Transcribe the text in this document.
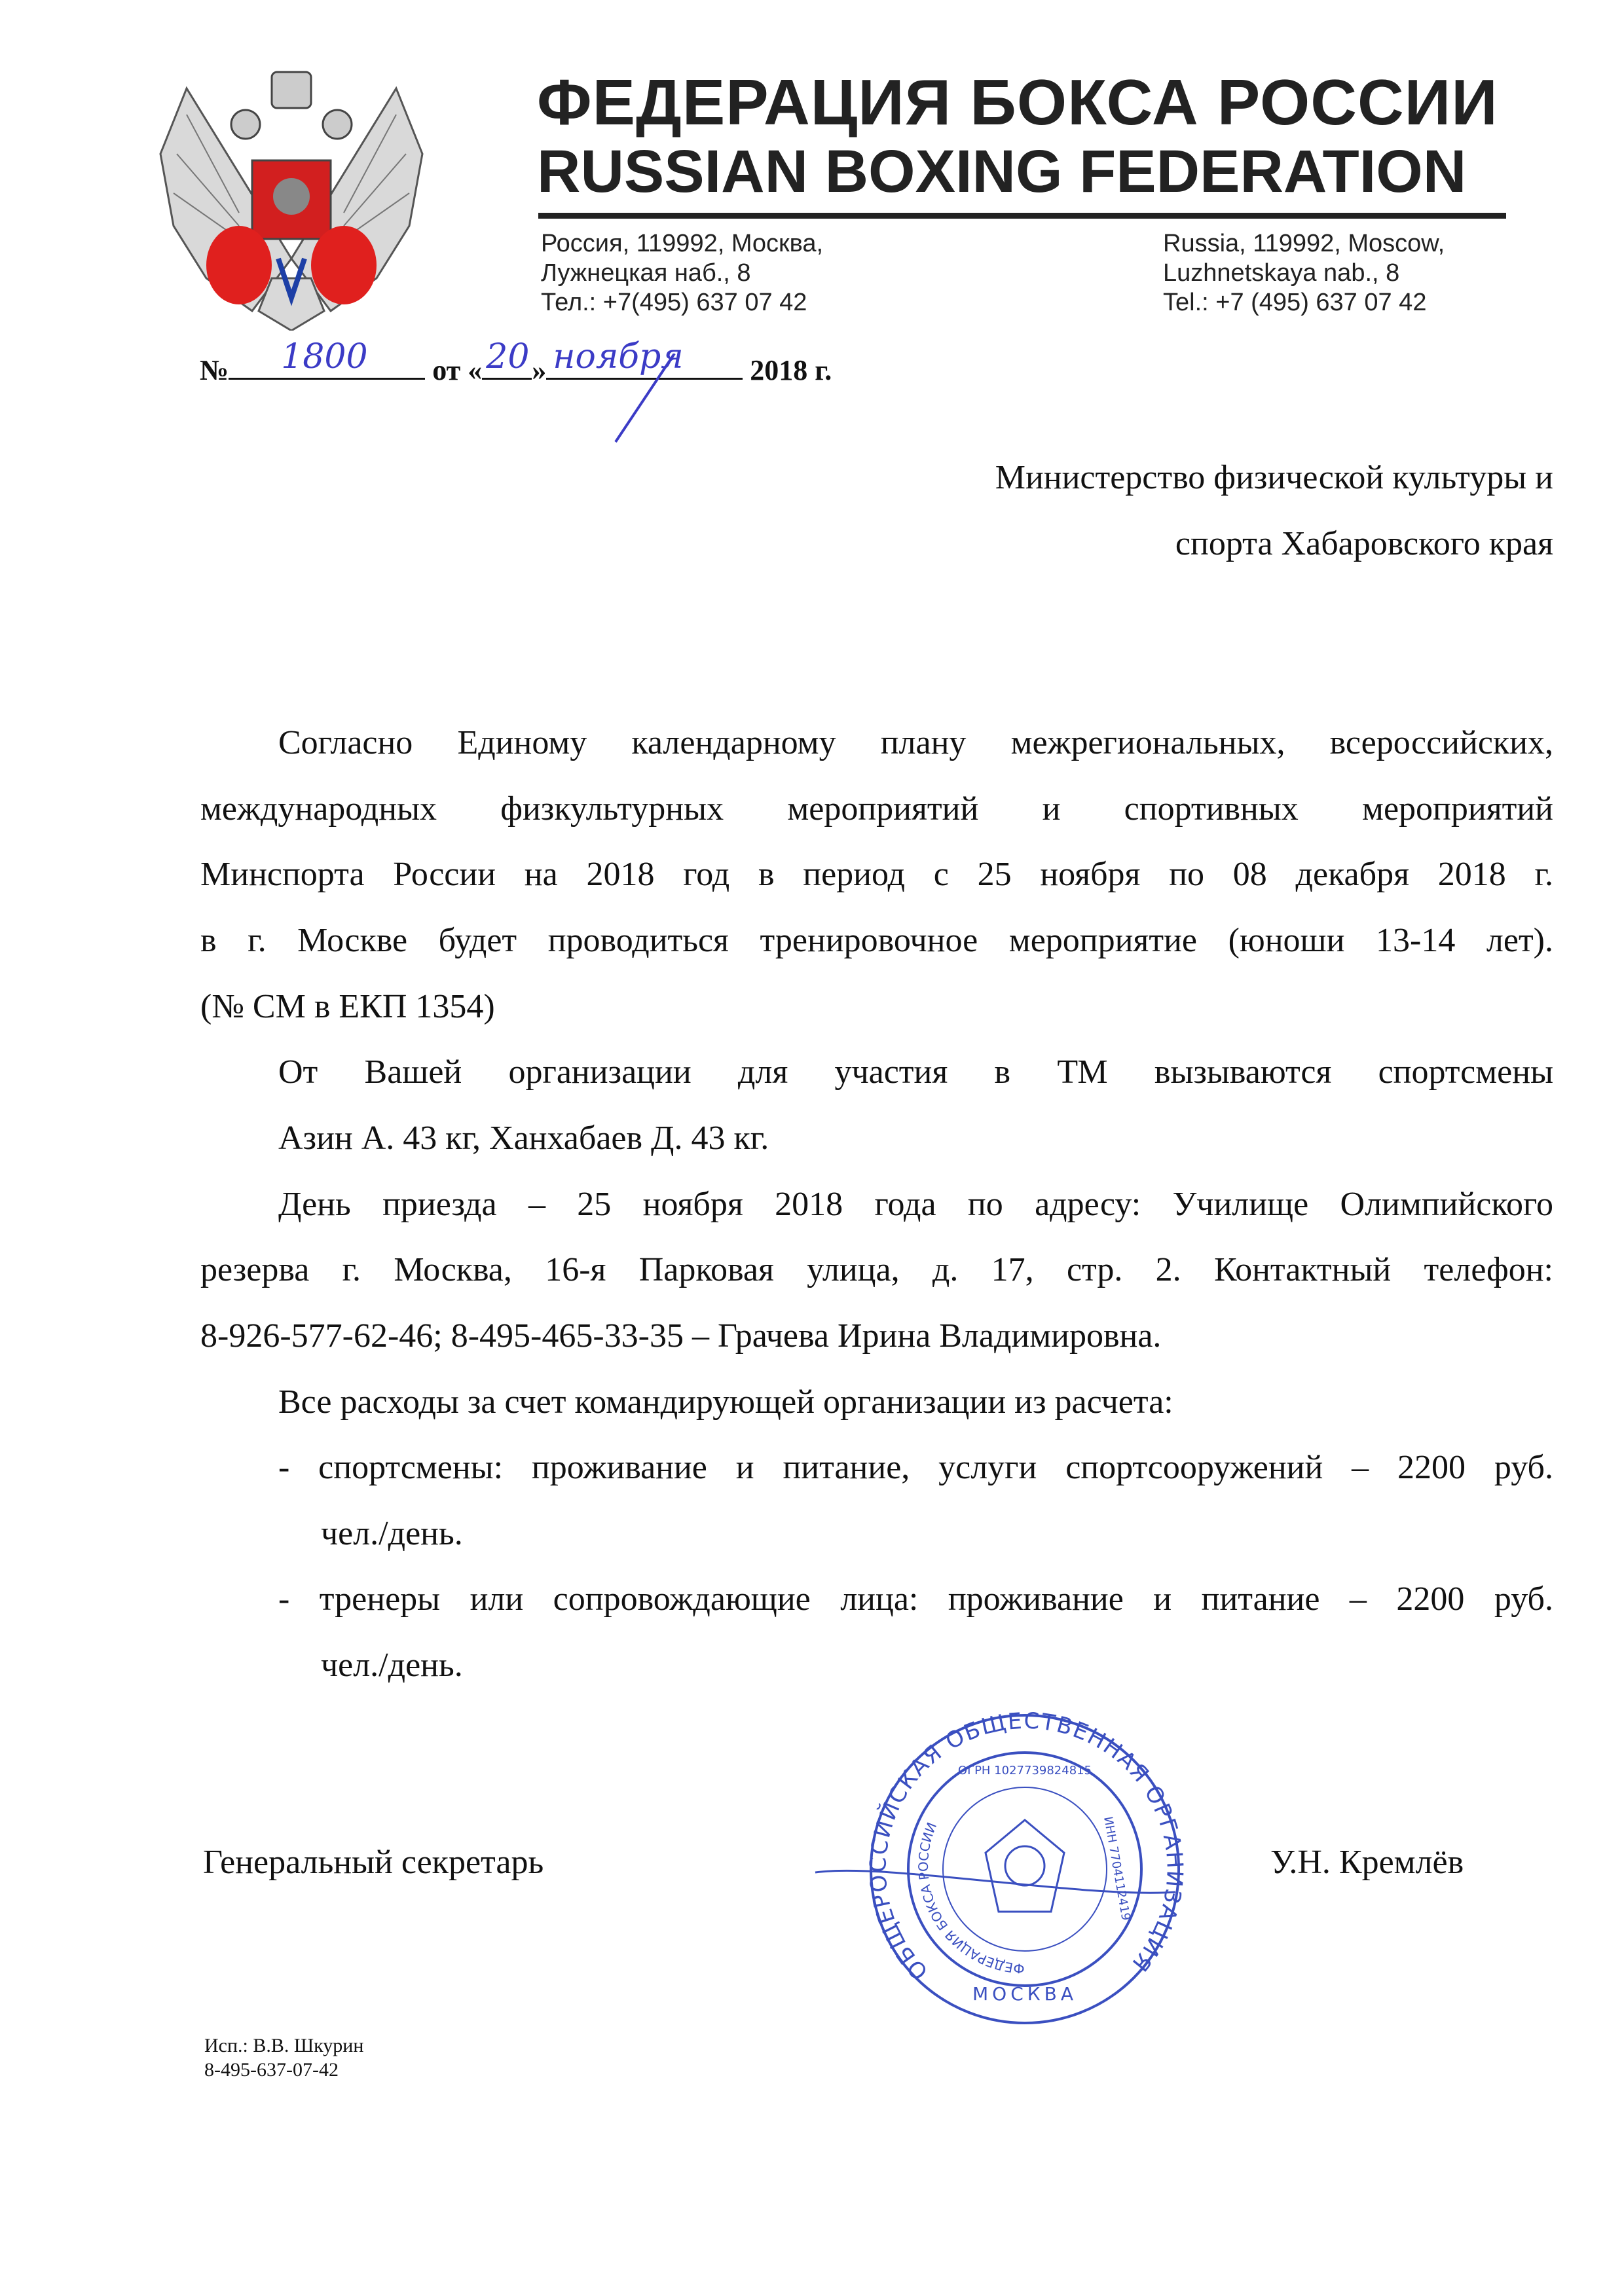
ФЕДЕРАЦИЯ БОКСА РОССИИ
RUSSIAN BOXING FEDERATION
Россия, 119992, Москва,
Лужнецкая наб., 8
Тел.: +7(495) 637 07 42
Russia, 119992, Moscow,
Luzhnetskaya nab., 8
Tel.: +7 (495) 637 07 42
№ 1800 от « 20 » ноября 2018 г.
Министерство физической культуры и
спорта Хабаровского края
Согласно Единому календарному плану межрегиональных, всероссийских,
международных физкультурных мероприятий и спортивных мероприятий
Минспорта России на 2018 год в период с 25 ноября по 08 декабря 2018 г.
в г. Москве будет проводиться тренировочное мероприятие (юноши 13-14 лет).
(№ СМ в ЕКП 1354)
От Вашей организации для участия в ТМ вызываются спортсмены
Азин А. 43 кг, Ханхабаев Д. 43 кг.
День приезда – 25 ноября 2018 года по адресу: Училище Олимпийского
резерва г. Москва, 16-я Парковая улица, д. 17, стр. 2. Контактный телефон:
8-926-577-62-46; 8-495-465-33-35 – Грачева Ирина Владимировна.
Все расходы за счет командирующей организации из расчета:
- спортсмены: проживание и питание, услуги спортсооружений – 2200 руб.
чел./день.
- тренеры или сопровождающие лица: проживание и питание – 2200 руб.
чел./день.
Генеральный секретарь	У.Н. Кремлёв
ОБЩЕРОССИЙСКАЯ ОБЩЕСТВЕННАЯ ОРГАНИЗАЦИЯ
ФЕДЕРАЦИЯ БОКСА РОССИИ
ОГРН 1027739824815
ИНН 7704112419
МОСКВА
Исп.: В.В. Шкурин
8-495-637-07-42
